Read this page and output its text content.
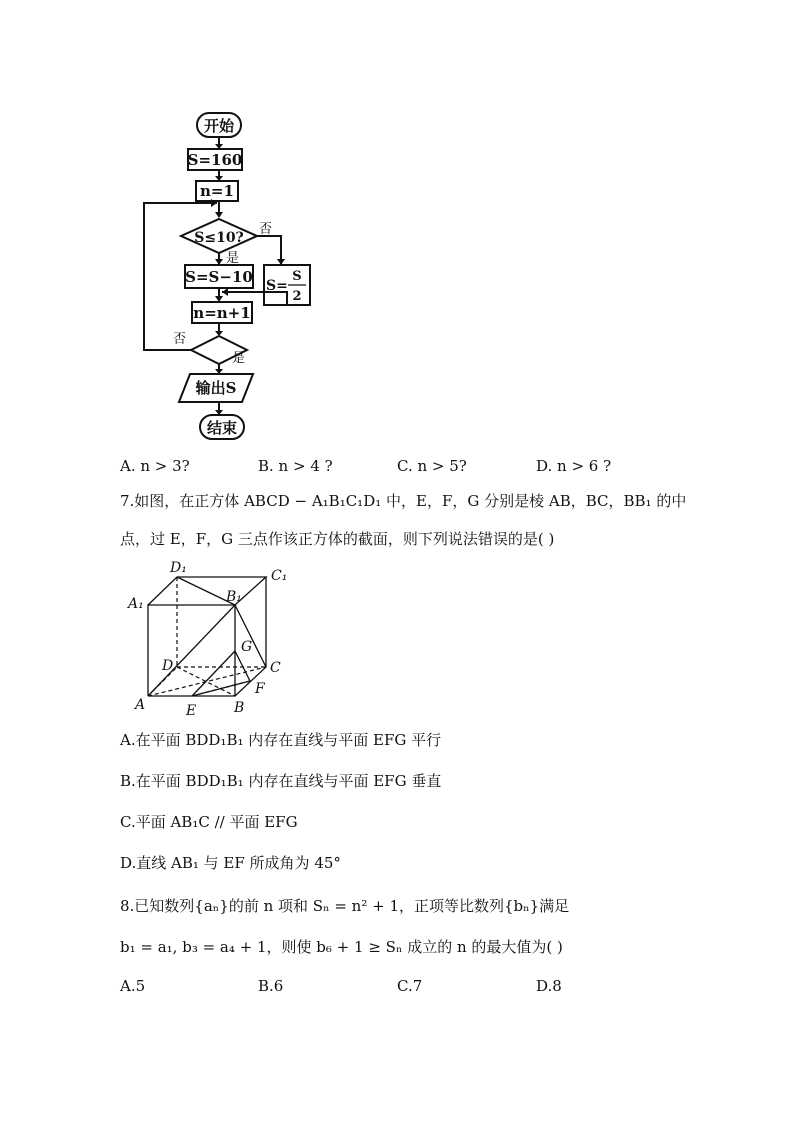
开始
S=160
n=1
S≤10?
否
是
S=S−10 S=
S
2
n=n+1
否
是
输出S
结束
A. n > 3?	B. n > 4 ?	C. n > 5?	D. n > 6 ?
7.如图，在正方体 ABCD − A₁B₁C₁D₁ 中，E，F，G 分别是棱 AB，BC，BB₁ 的中
点，过 E，F，G 三点作该正方体的截面，则下列说法错误的是( )
D₁	C₁
A₁	B₁
G
D	C
F
A	E	B
A.在平面 BDD₁B₁ 内存在直线与平面 EFG 平行
B.在平面 BDD₁B₁ 内存在直线与平面 EFG 垂直
C.平面 AB₁C // 平面 EFG
D.直线 AB₁ 与 EF 所成角为 45°
8.已知数列{aₙ}的前 n 项和 Sₙ = n² + 1，正项等比数列{bₙ}满足
b₁ = a₁, b₃ = a₄ + 1，则使 b₆ + 1 ≥ Sₙ 成立的 n 的最大值为( )
A.5	B.6	C.7	D.8
